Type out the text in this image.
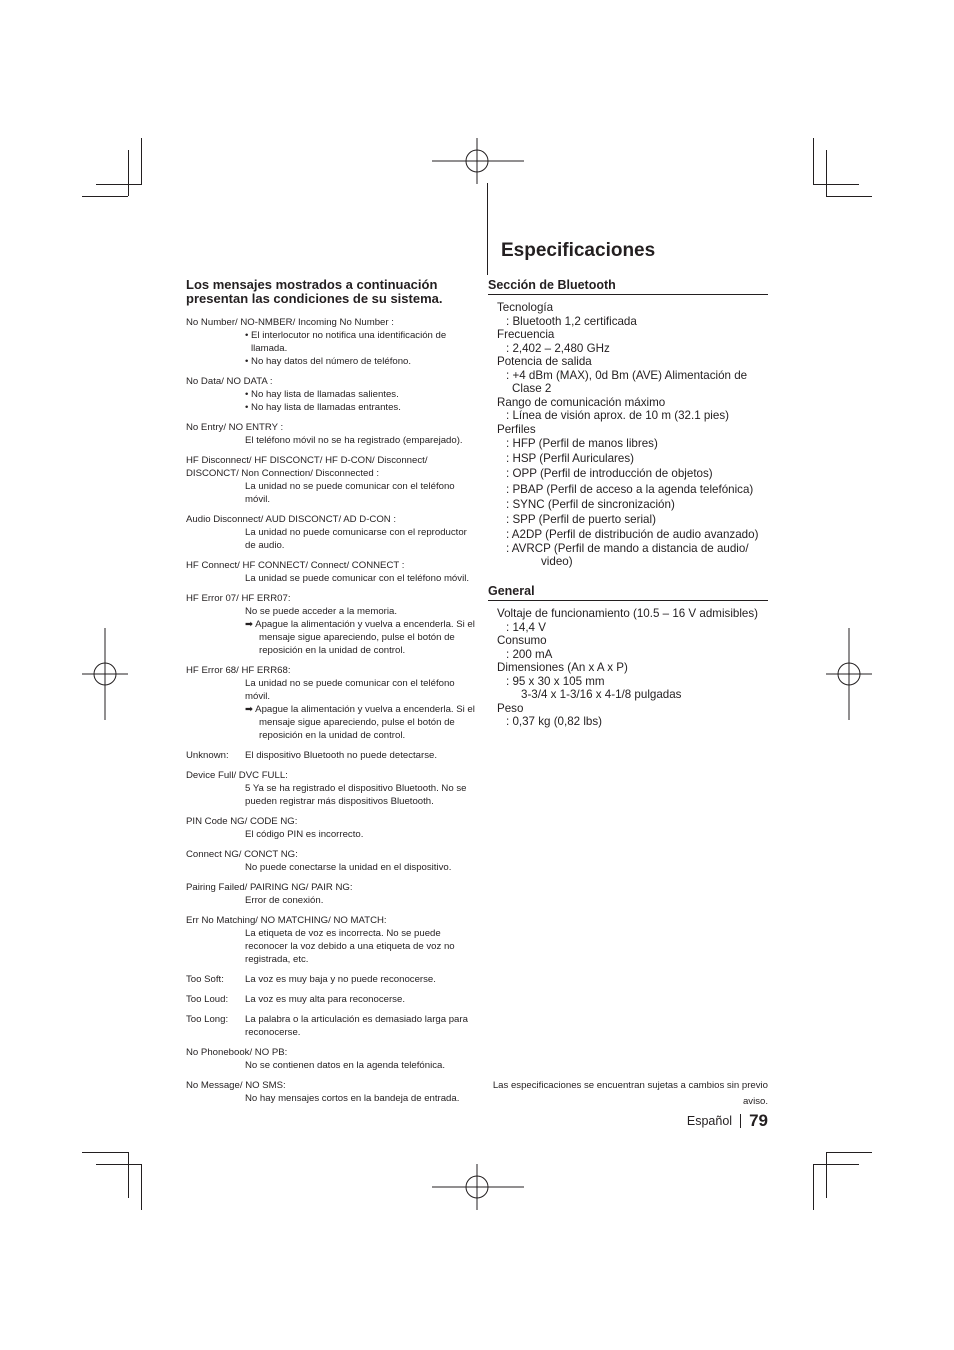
Especificaciones

Los mensajes mostrados a continuación presentan las condiciones de su sistema.

No Number/ NO-NMBER/ Incoming No Number :
• El interlocutor no notifica una identificación de llamada.
• No hay datos del número de teléfono.
No Data/ NO DATA :
• No hay lista de llamadas salientes.
• No hay lista de llamadas entrantes.
No Entry/ NO ENTRY :
El teléfono móvil no se ha registrado (emparejado).
HF Disconnect/ HF DISCONCT/ HF D-CON/ Disconnect/ DISCONCT/ Non Connection/ Disconnected :
La unidad no se puede comunicar con el teléfono móvil.
Audio Disconnect/ AUD DISCONCT/ AD D-CON :
La unidad no puede comunicarse con el reproductor de audio.
HF Connect/ HF CONNECT/ Connect/ CONNECT :
La unidad se puede comunicar con el teléfono móvil.
HF Error 07/ HF ERR07:
No se puede acceder a la memoria.
➡ Apague la alimentación y vuelva a encenderla. Si el mensaje sigue apareciendo, pulse el botón de reposición en la unidad de control.
HF Error 68/ HF ERR68:
La unidad no se puede comunicar con el teléfono móvil.
➡ Apague la alimentación y vuelva a encenderla. Si el mensaje sigue apareciendo, pulse el botón de reposición en la unidad de control.
Unknown: El dispositivo Bluetooth no puede detectarse.
Device Full/ DVC FULL:
5 Ya se ha registrado el dispositivo Bluetooth. No se pueden registrar más dispositivos Bluetooth.
PIN Code NG/ CODE NG:
El código PIN es incorrecto.
Connect NG/ CONCT NG:
No puede conectarse la unidad en el dispositivo.
Pairing Failed/ PAIRING NG/ PAIR NG:
Error de conexión.
Err No Matching/ NO MATCHING/ NO MATCH:
La etiqueta de voz es incorrecta. No se puede reconocer la voz debido a una etiqueta de voz no registrada, etc.
Too Soft: La voz es muy baja y no puede reconocerse.
Too Loud: La voz es muy alta para reconocerse.
Too Long: La palabra o la articulación es demasiado larga para reconocerse.
No Phonebook/ NO PB:
No se contienen datos en la agenda telefónica.
No Message/ NO SMS:
No hay mensajes cortos en la bandeja de entrada.
Sección de Bluetooth
Tecnología
: Bluetooth 1,2 certificada
Frecuencia
: 2,402 – 2,480 GHz
Potencia de salida
: +4 dBm (MAX), 0d Bm (AVE) Alimentación de Clase 2
Rango de comunicación máximo
: Línea de visión aprox. de 10 m (32.1 pies)
Perfiles
: HFP (Perfil de manos libres)
: HSP (Perfil Auriculares)
: OPP (Perfil de introducción de objetos)
: PBAP (Perfil de acceso a la agenda telefónica)
: SYNC (Perfil de sincronización)
: SPP (Perfil de puerto serial)
: A2DP (Perfil de distribución de audio avanzado)
: AVRCP (Perfil de mando a distancia de audio/ video)
General
Voltaje de funcionamiento (10.5 – 16 V admisibles)
: 14,4 V
Consumo
: 200 mA
Dimensiones (An x A x P)
: 95 x 30 x 105 mm
3-3/4 x 1-3/16 x 4-1/8 pulgadas
Peso
: 0,37 kg (0,82 lbs)
Las especificaciones se encuentran sujetas a cambios sin previo aviso.
Español 79
